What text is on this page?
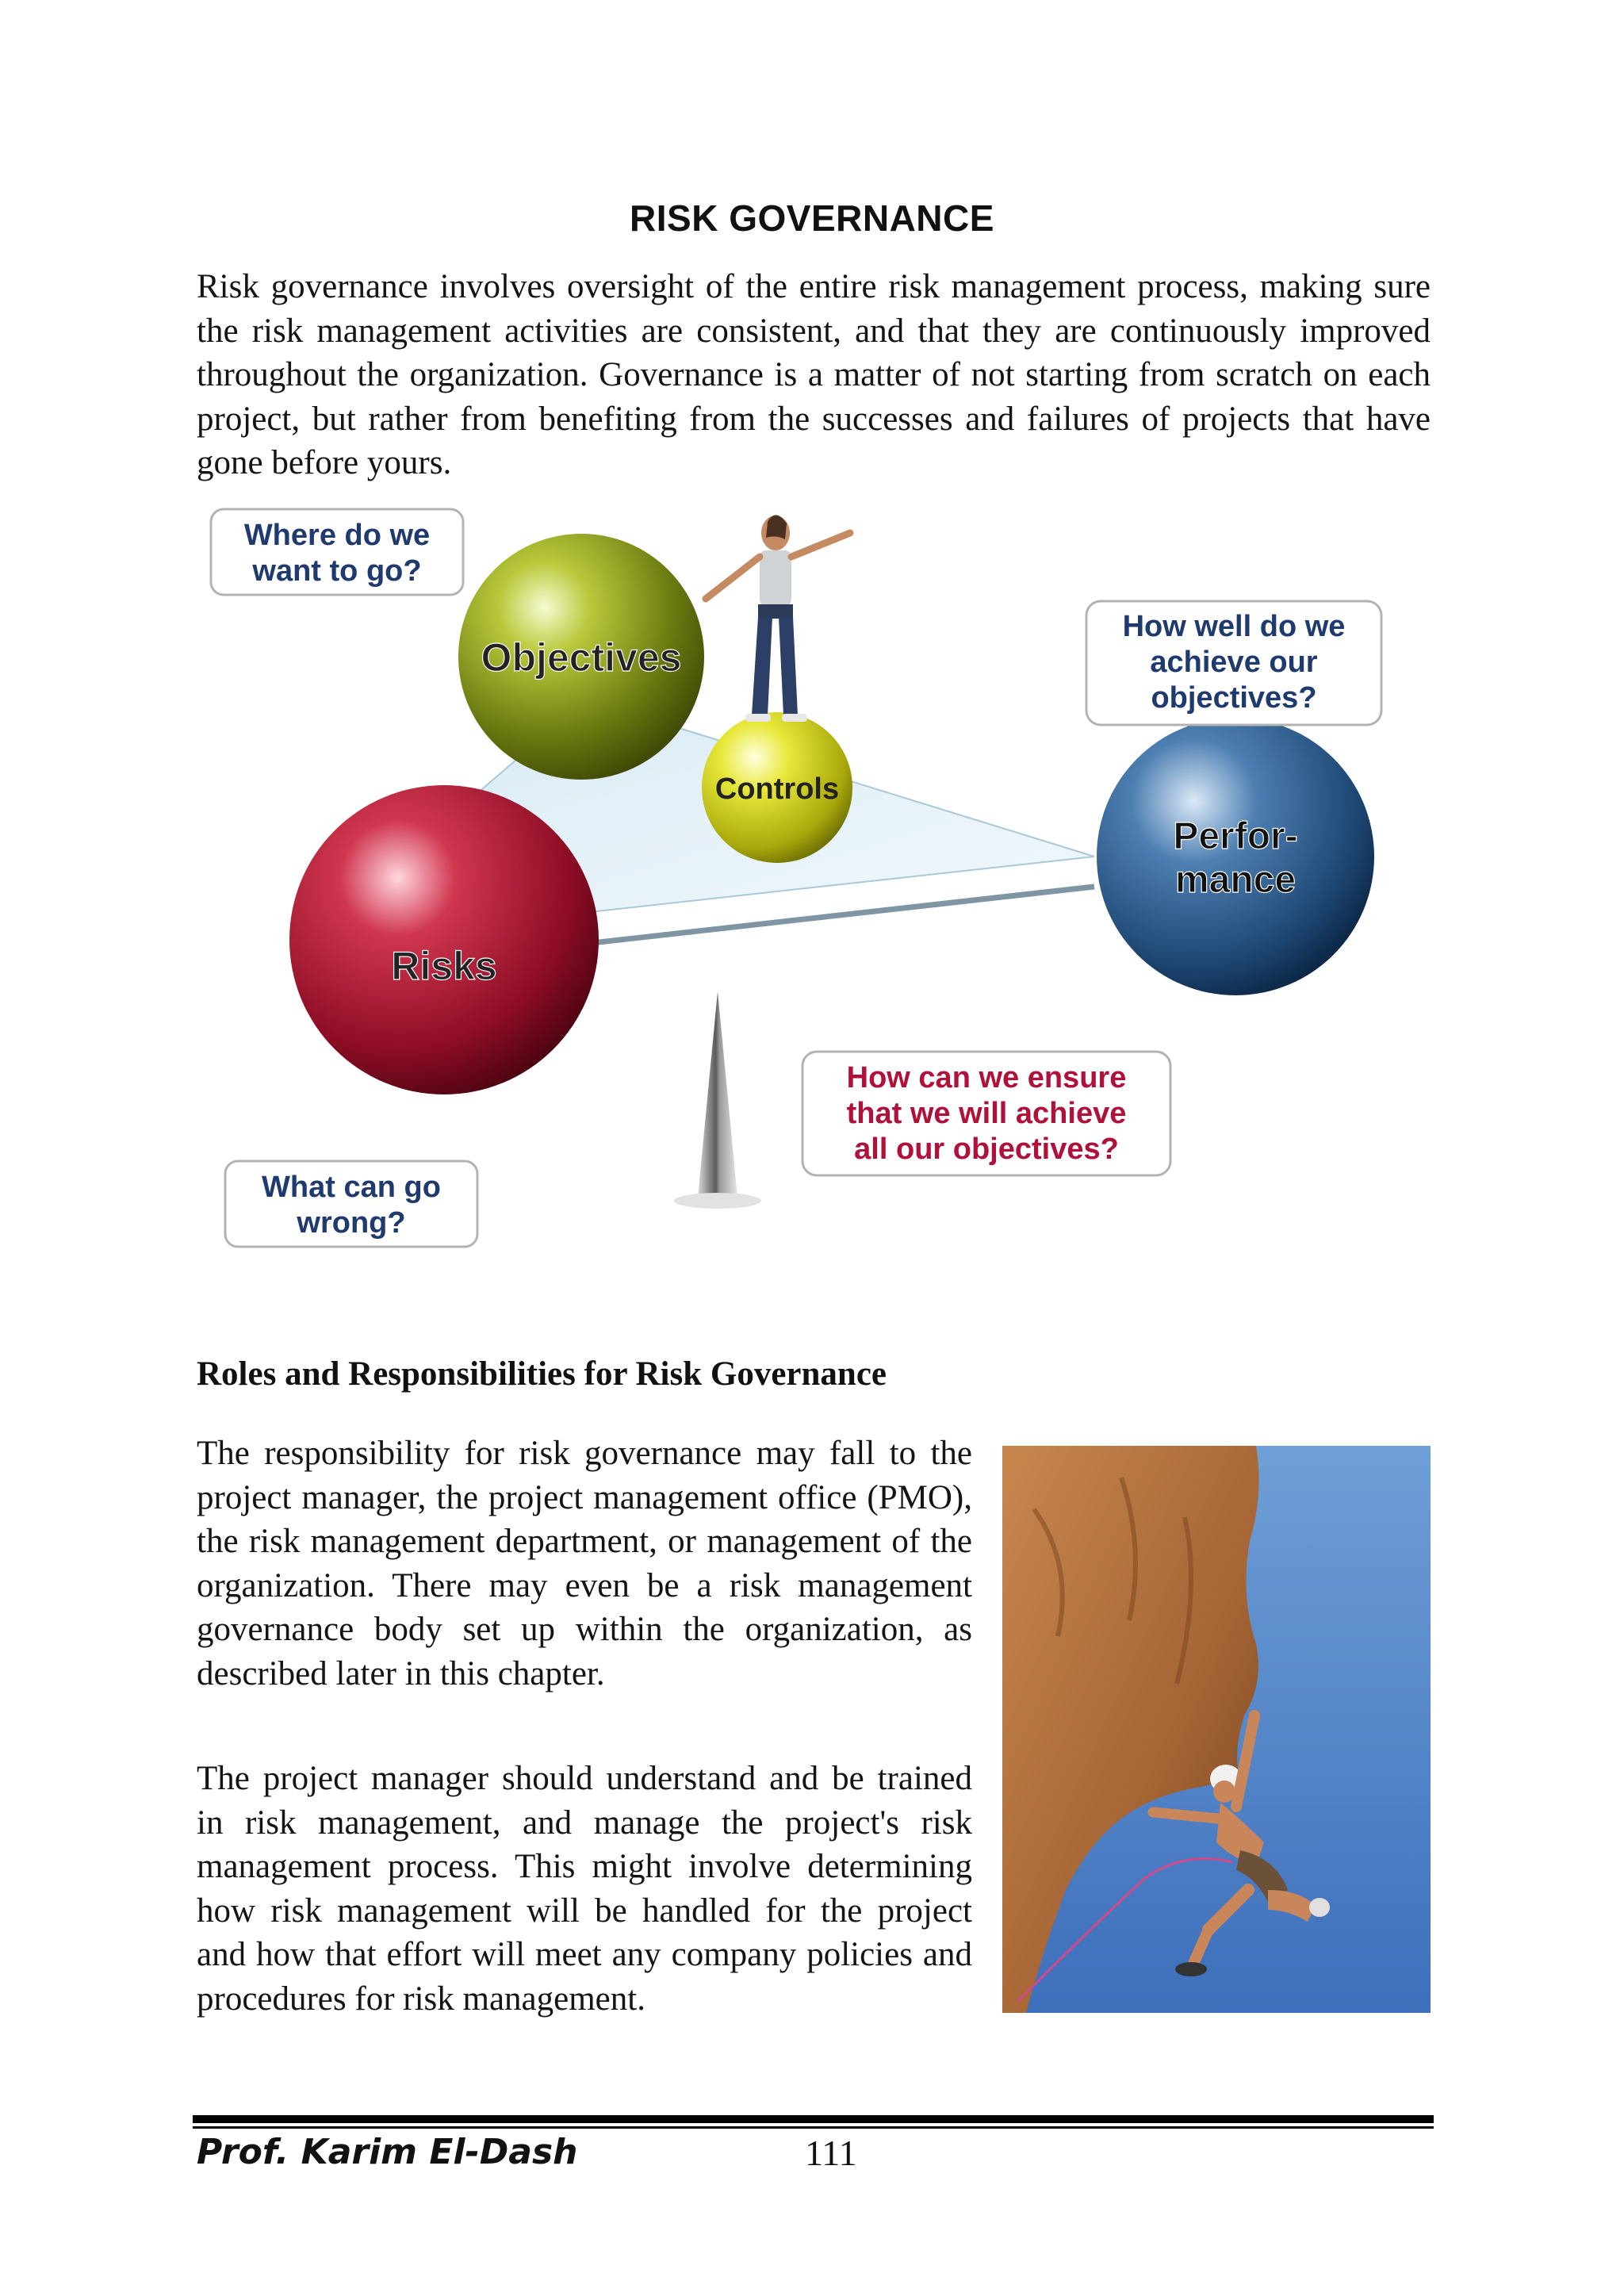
RISK GOVERNANCE

Risk governance involves oversight of the entire risk management process, making sure the risk management activities are consistent, and that they are continuously improved throughout the organization. Governance is a matter of not starting from scratch on each project, but rather from benefiting from the successes and failures of projects that have gone before yours.

Objectives
Controls
Risks
Perfor-
mance
Where do we
want to go?
How well do we
achieve our
objectives?
How can we ensure
that we will achieve
all our objectives?
What can go
wrong?

Roles and Responsibilities for Risk Governance

The responsibility for risk governance may fall to the project manager, the project management office (PMO), the risk management department, or management of the organization. There may even be a risk management governance body set up within the organization, as described later in this chapter.

The project manager should understand and be trained in risk management, and manage the project's risk management process. This might involve determining how risk management will be handled for the project and how that effort will meet any company policies and procedures for risk management.

Prof. Karim El-Dash	111
